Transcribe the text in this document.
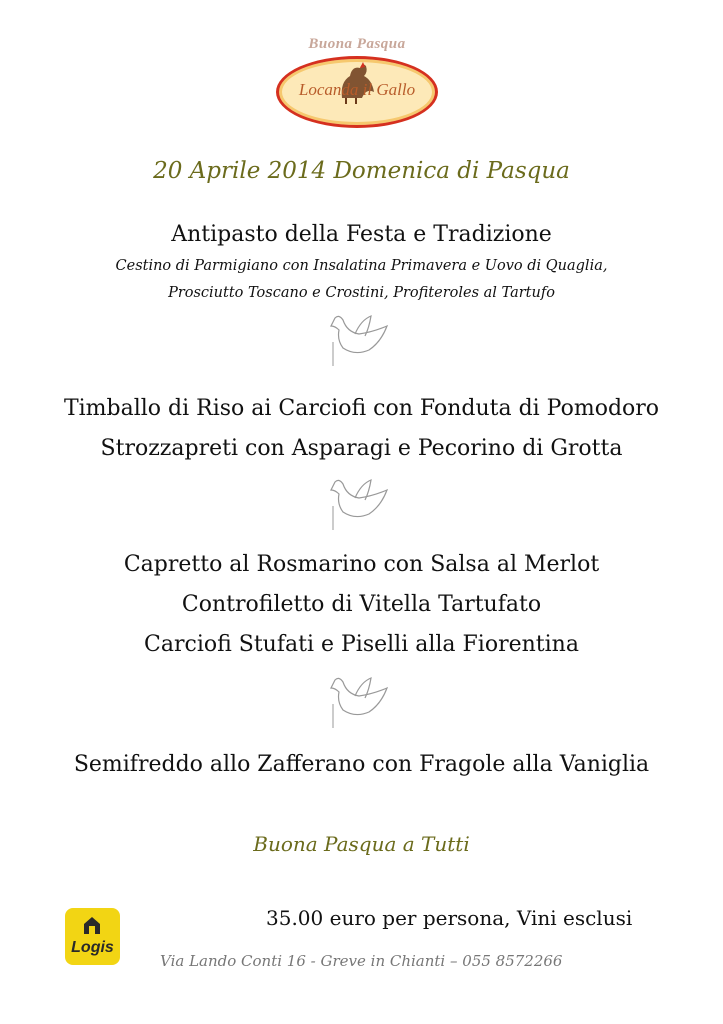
Buona Pasqua
Locanda il Gallo
20 Aprile 2014 Domenica di Pasqua
Antipasto della Festa e Tradizione
Cestino di Parmigiano con Insalatina Primavera e Uovo di Quaglia,
Prosciutto Toscano e Crostini, Profiteroles al Tartufo
Timballo di Riso ai Carciofi con Fonduta di Pomodoro
Strozzapreti con Asparagi e Pecorino di Grotta
Capretto al Rosmarino con Salsa al Merlot
Controfiletto di Vitella Tartufato
Carciofi Stufati e Piselli alla Fiorentina
Semifreddo allo Zafferano con Fragole alla Vaniglia
Buona Pasqua a Tutti
Logis
35.00 euro per persona, Vini esclusi
Via Lando Conti 16 - Greve in Chianti – 055 8572266
